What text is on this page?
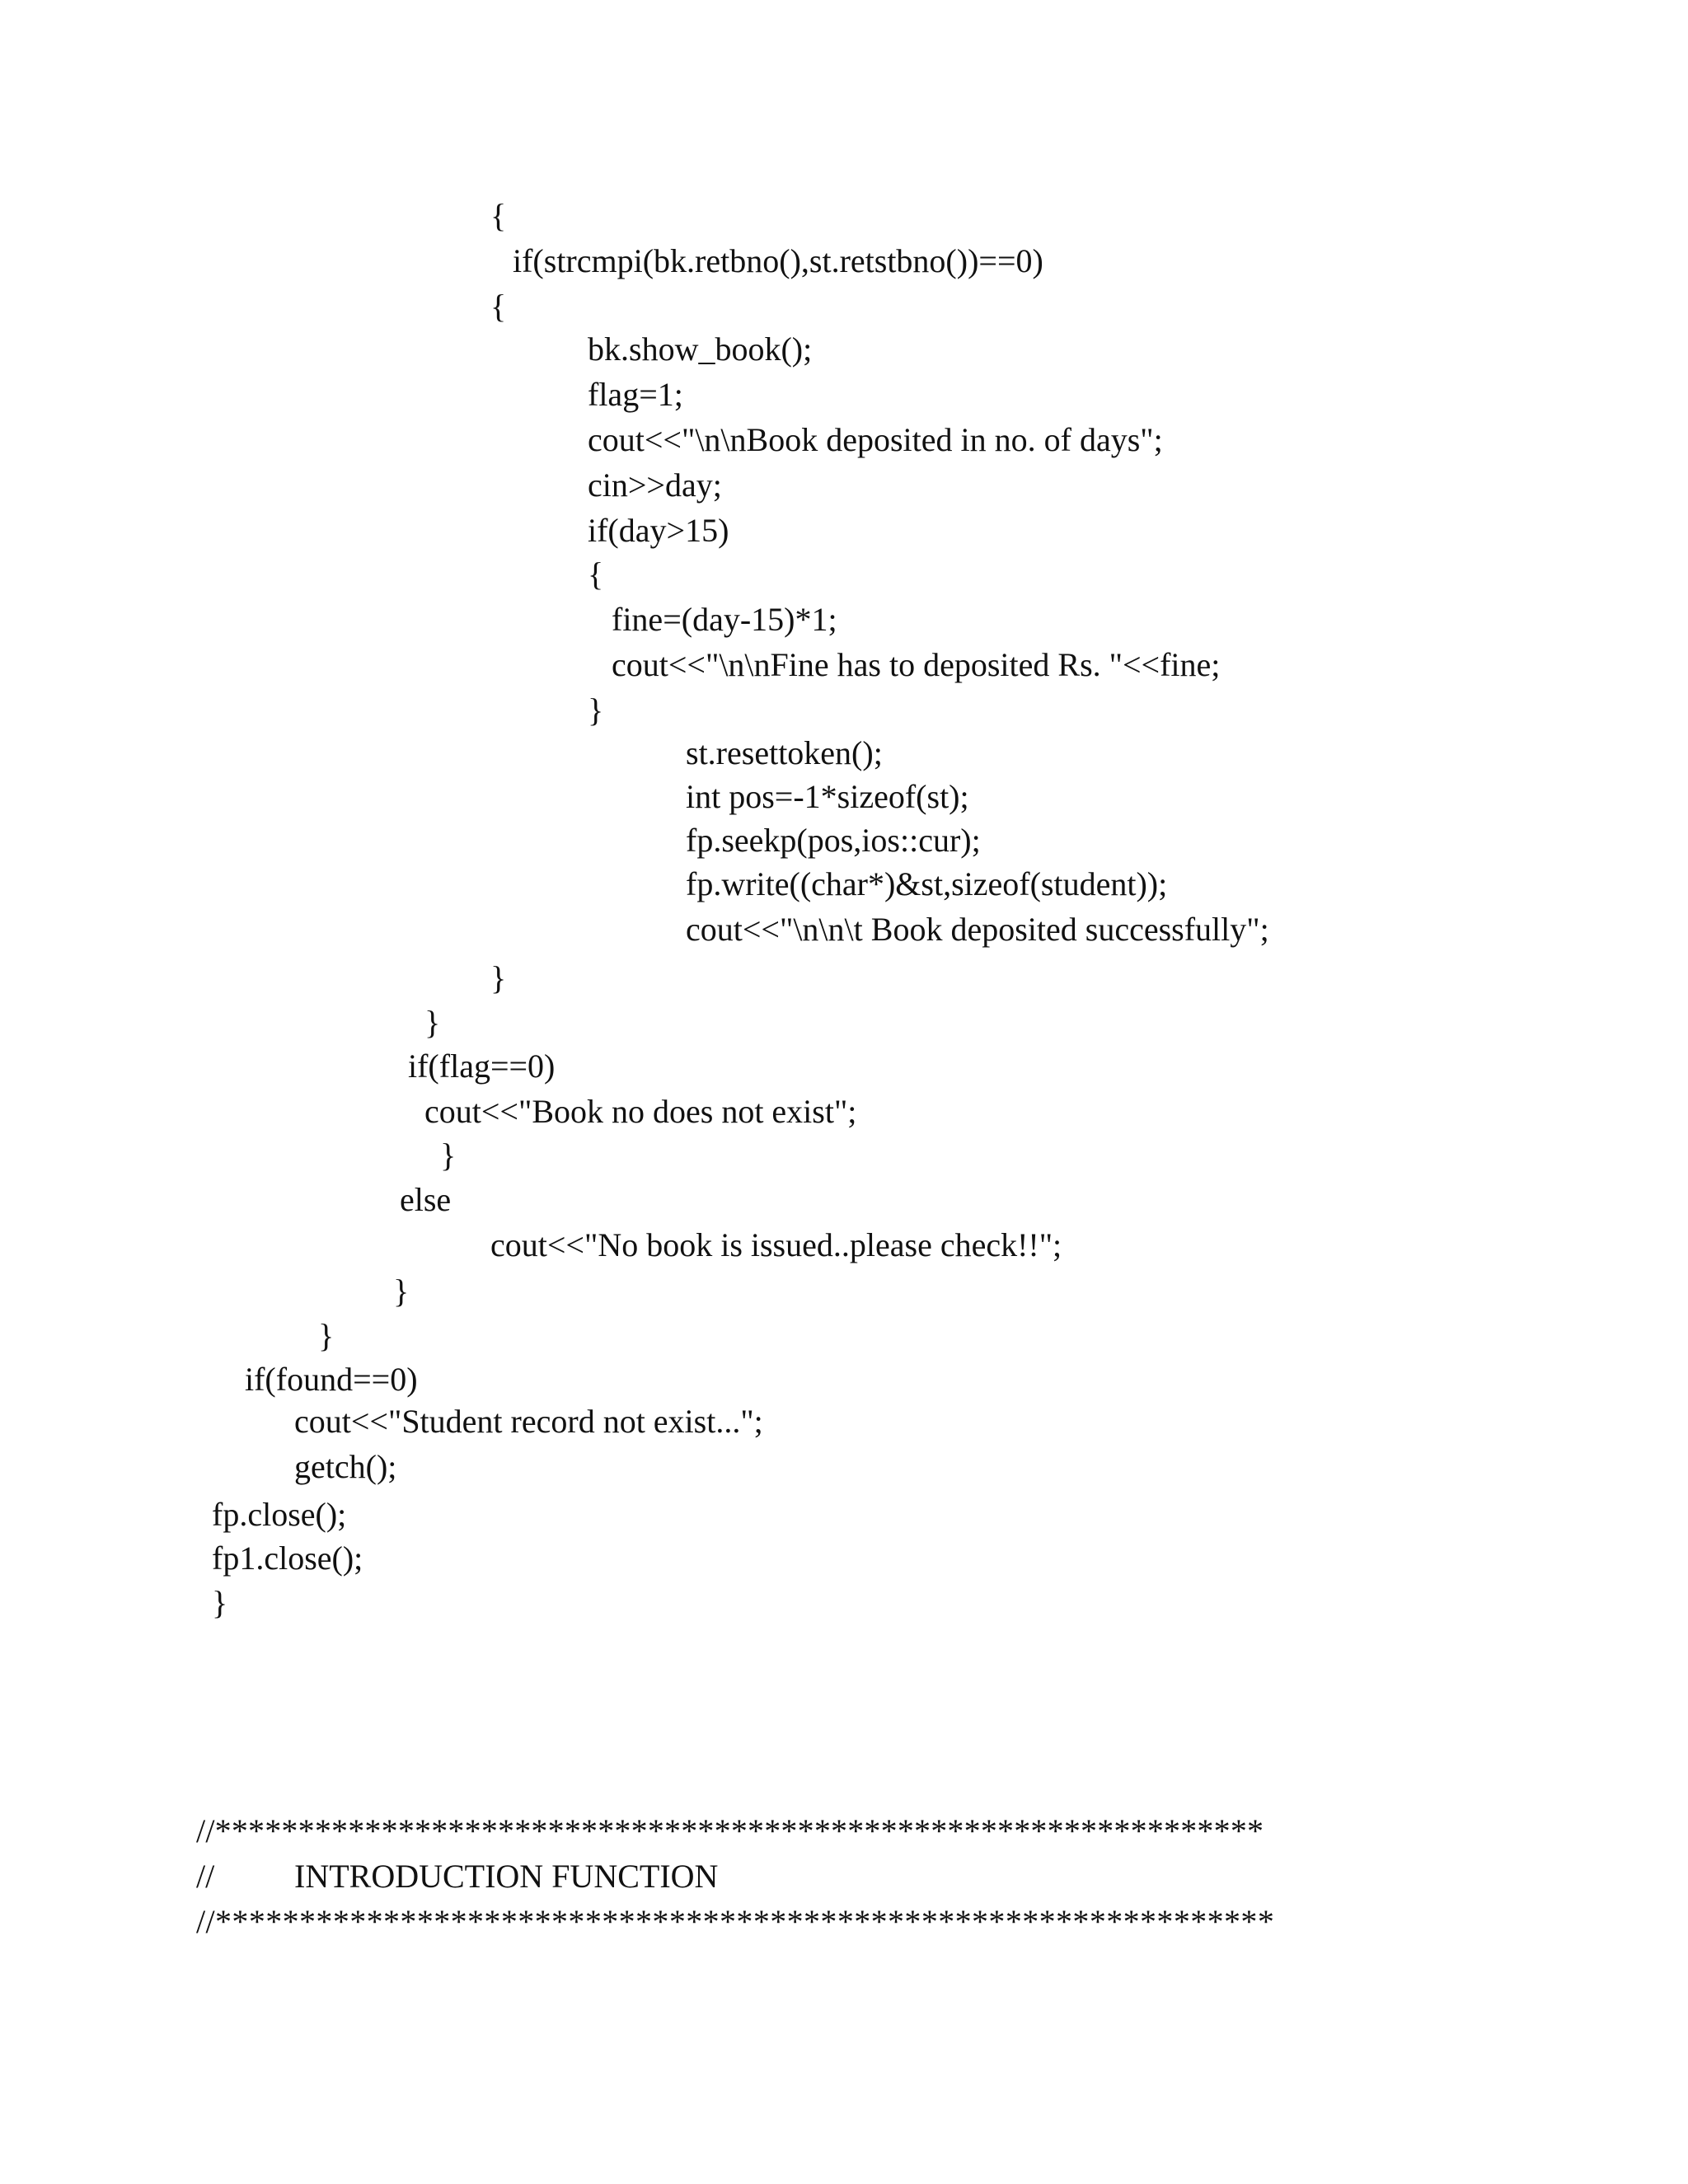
{
if(strcmpi(bk.retbno(),st.retstbno())==0)
{
bk.show_book();
flag=1;
cout<<"\n\nBook deposited in no. of days";
cin>>day;
if(day>15)
{
fine=(day-15)*1;
cout<<"\n\nFine has to deposited Rs. "<<fine;
}
st.resettoken();
int pos=-1*sizeof(st);
fp.seekp(pos,ios::cur);
fp.write((char*)&st,sizeof(student));
cout<<"\n\n\t Book deposited successfully";
}
}
if(flag==0)
cout<<"Book no does not exist";
}
else
cout<<"No book is issued..please check!!";
}
}
if(found==0)
cout<<"Student record not exist...";
getch();
fp.close();
fp1.close();
}
//***************************************************************
// INTRODUCTION FUNCTION
//***************************************************************
